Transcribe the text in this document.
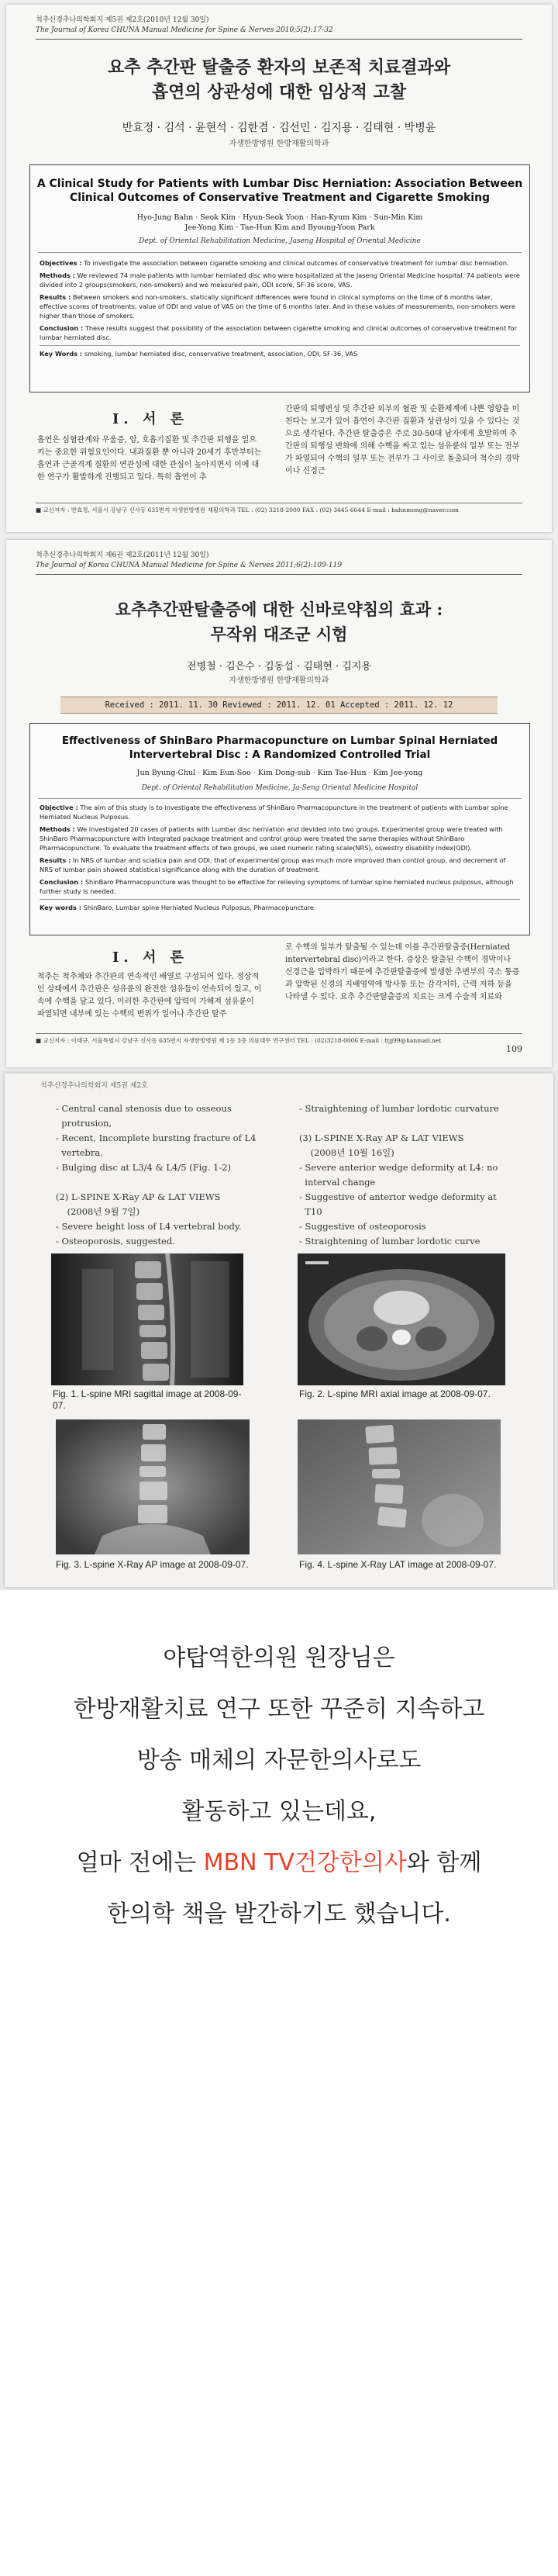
척추신경추나의학회지 제5권 제2호(2010년 12월 30일)
The Journal of Korea CHUNA Manual Medicine for Spine & Nerves 2010;5(2):17-32
요추 추간판 탈출증 환자의 보존적 치료결과와
흡연의 상관성에 대한 임상적 고찰
반효정 · 김석 · 윤현석 · 김한겸 · 김선민 · 김지용 · 김태현 · 박병윤
자생한방병원 한방재활의학과
A Clinical Study for Patients with Lumbar Disc Herniation: Association Between
Clinical Outcomes of Conservative Treatment and Cigarette Smoking
Hyo-Jung Bahn · Seok Kim · Hyun-Seok Yoon · Han-Kyum Kim · Sun-Min Kim
Jee-Yong Kim · Tae-Hun Kim and Byoung-Yoon Park
Dept. of Oriental Rehabilitation Medicine, Jaseng Hospital of Oriental Medicine
Objectives : To investigate the association between cigarette smoking and clinical outcomes of conservative treatment for lumbar disc herniation.
Methods : We reviewed 74 male patients with lumbar herniated disc who were hospitalized at the Jaseng Oriental Medicine hospital. 74 patients were divided into 2 groups(smokers, non-smokers) and we measured pain, ODI score, SF-36 score, VAS.
Results : Between smokers and non-smokers, statically significant differences were found in clinical symptoms on the time of 6 months later, effective scores of treatments, value of ODI and value of VAS on the time of 6 months later. And in these values of measurements, non-smokers were higher than those of smokers.
Conclusion : These results suggest that possibility of the association between cigarette smoking and clinical outcomes of conservative treatment for lumbar herniated disc.
Key Words : smoking, lumbar herniated disc, conservative treatment, association, ODI, SF-36, VAS
Ⅰ. 서 론
흡연은 심혈관계와 우울증, 암, 호흡기질환 및 추간판 퇴행을 일으키는 중요한 위험요인이다. 내과질환 뿐 아니라 20세기 후반부터는 흡연과 근골격계 질환의 연관성에 대한 관심이 높아지면서 이에 대한 연구가 활발하게 진행되고 있다. 특히 흡연이 추
간판의 퇴행변성 및 추간판 외부의 혈관 및 순환체계에 나쁜 영향을 미친다는 보고가 있어 흡연이 추간판 질환과 상관성이 있을 수 있다는 것으로 생각된다. 추간판 탈출증은 주로 30-50대 남자에게 호발하며 추간판의 퇴행성 변화에 의해 수핵을 싸고 있는 섬유륜의 일부 또는 전부가 파열되어 수핵의 일부 또는 전부가 그 사이로 돌출되어 척수의 경막이나 신경근
■ 교신저자 : 반효정, 서울시 강남구 신사동 635번지 자생한방병원 재활의학과 TEL : (02) 3218-2000 FAX : (02) 3445-6644 E-mail : bahnmong@naver.com
척추신경추나의학회지 제6권 제2호(2011년 12월 30일)
The Journal of Korea CHUNA Manual Medicine for Spine & Nerves 2011;6(2):109-119
요추추간판탈출증에 대한 신바로약침의 효과 :
무작위 대조군 시험
전병철 · 김은수 · 김동섭 · 김태현 · 김지용
자생한방병원 한방재활의학과
Received : 2011. 11. 30 Reviewed : 2011. 12. 01 Accepted : 2011. 12. 12
Effectiveness of ShinBaro Pharmacopuncture on Lumbar Spinal Herniated
Intervertebral Disc : A Randomized Controlled Trial
Jun Byung-Chul · Kim Eun-Soo · Kim Dong-sub · Kim Tae-Hun · Kim Jee-yong
Dept. of Oriental Rehabilitation Medicine, Ja-Seng Oriental Medicine Hospital
Objective : The aim of this study is to investigate the effectiveness of ShinBaro Pharmacopuncture in the treatment of patients with Lumbar spine Herniated Nucleus Pulposus.
Methods : We investigated 20 cases of patients with Lumbar disc herniation and devided into two groups. Experimental group were treated with ShinBaro Pharmacopuncture with integrated package treatment and control group were treated the same therapies without ShinBaro Pharmacopuncture. To evaluate the treatment effects of two groups, we used numeric rating scale(NRS), oswestry disability index(ODI).
Results : In NRS of lumbar and sciatica pain and ODI, that of experimental group was much more improved than control group, and decrement of NRS of lumbar pain showed statistical significance along with the duration of treatment.
Conclusion : ShinBaro Pharmacopuncture was thought to be effective for relieving symptoms of lumbar spine herniated nucleus pulposus, although further study is needed.
Key words : ShinBaro, Lumbar spine Herniated Nucleus Pulposus, Pharmacopuncture
Ⅰ. 서 론
척추는 척추체와 추간판의 연속적인 배열로 구성되어 있다. 정상적인 상태에서 추간판은 섬유륜의 완전한 섬유들이 연속되어 있고, 이 속에 수핵을 담고 있다. 이러한 추간판에 압력이 가해져 섬유륜이 파열되면 내부에 있는 수핵의 변위가 일어나 추간판 탈주
로 수핵의 일부가 탈출될 수 있는데 이를 추간판탈출증(Herniated intervertebral disc)이라고 한다. 증상은 탈출된 수핵이 경막이나 신경근을 압박하기 때문에 추간판탈출증에 발생한 추변부의 국소 통증과 압박된 신경의 지배영역에 방사통 또는 감각저하, 근력 저하 등을 나타낼 수 있다. 요추 추간판탈출증의 치료는 크게 수술적 치료와
■ 교신저자 : 이태규, 서울특별시 강남구 신사동 635번지 자생한방병원 제 1동 3층 의료대무 연구센터 TEL : (02)3218-0006 E-mail : ttjj99@hanmail.net
109
척추신경추나의학회지 제5권 제2호
- Central canal stenosis due to osseous
protrusion,
- Recent, Incomplete bursting fracture of L4
vertebra,
- Bulging disc at L3/4 & L4/5 (Fig. 1-2)
(2) L-SPINE X-Ray AP & LAT VIEWS
(2008년 9월 7일)
- Severe height loss of L4 vertebral body.
- Osteoporosis, suggested.
- Straightening of lumbar lordotic curvature
(3) L-SPINE X-Ray AP & LAT VIEWS
(2008년 10월 16일)
- Severe anterior wedge deformity at L4: no
interval change
- Suggestive of anterior wedge deformity at
T10
- Suggestive of osteoporosis
- Straightening of lumbar lordotic curve
Fig. 1. L-spine MRI sagittal image at 2008-09-07.
Fig. 2. L-spine MRI axial image at 2008-09-07.
Fig. 3. L-spine X-Ray AP image at 2008-09-07.	Fig. 4. L-spine X-Ray LAT image at 2008-09-07.
야탑역한의원 원장님은
한방재활치료 연구 또한 꾸준히 지속하고
방송 매체의 자문한의사로도
활동하고 있는데요,
얼마 전에는 MBN TV건강한의사와 함께
한의학 책을 발간하기도 했습니다.
